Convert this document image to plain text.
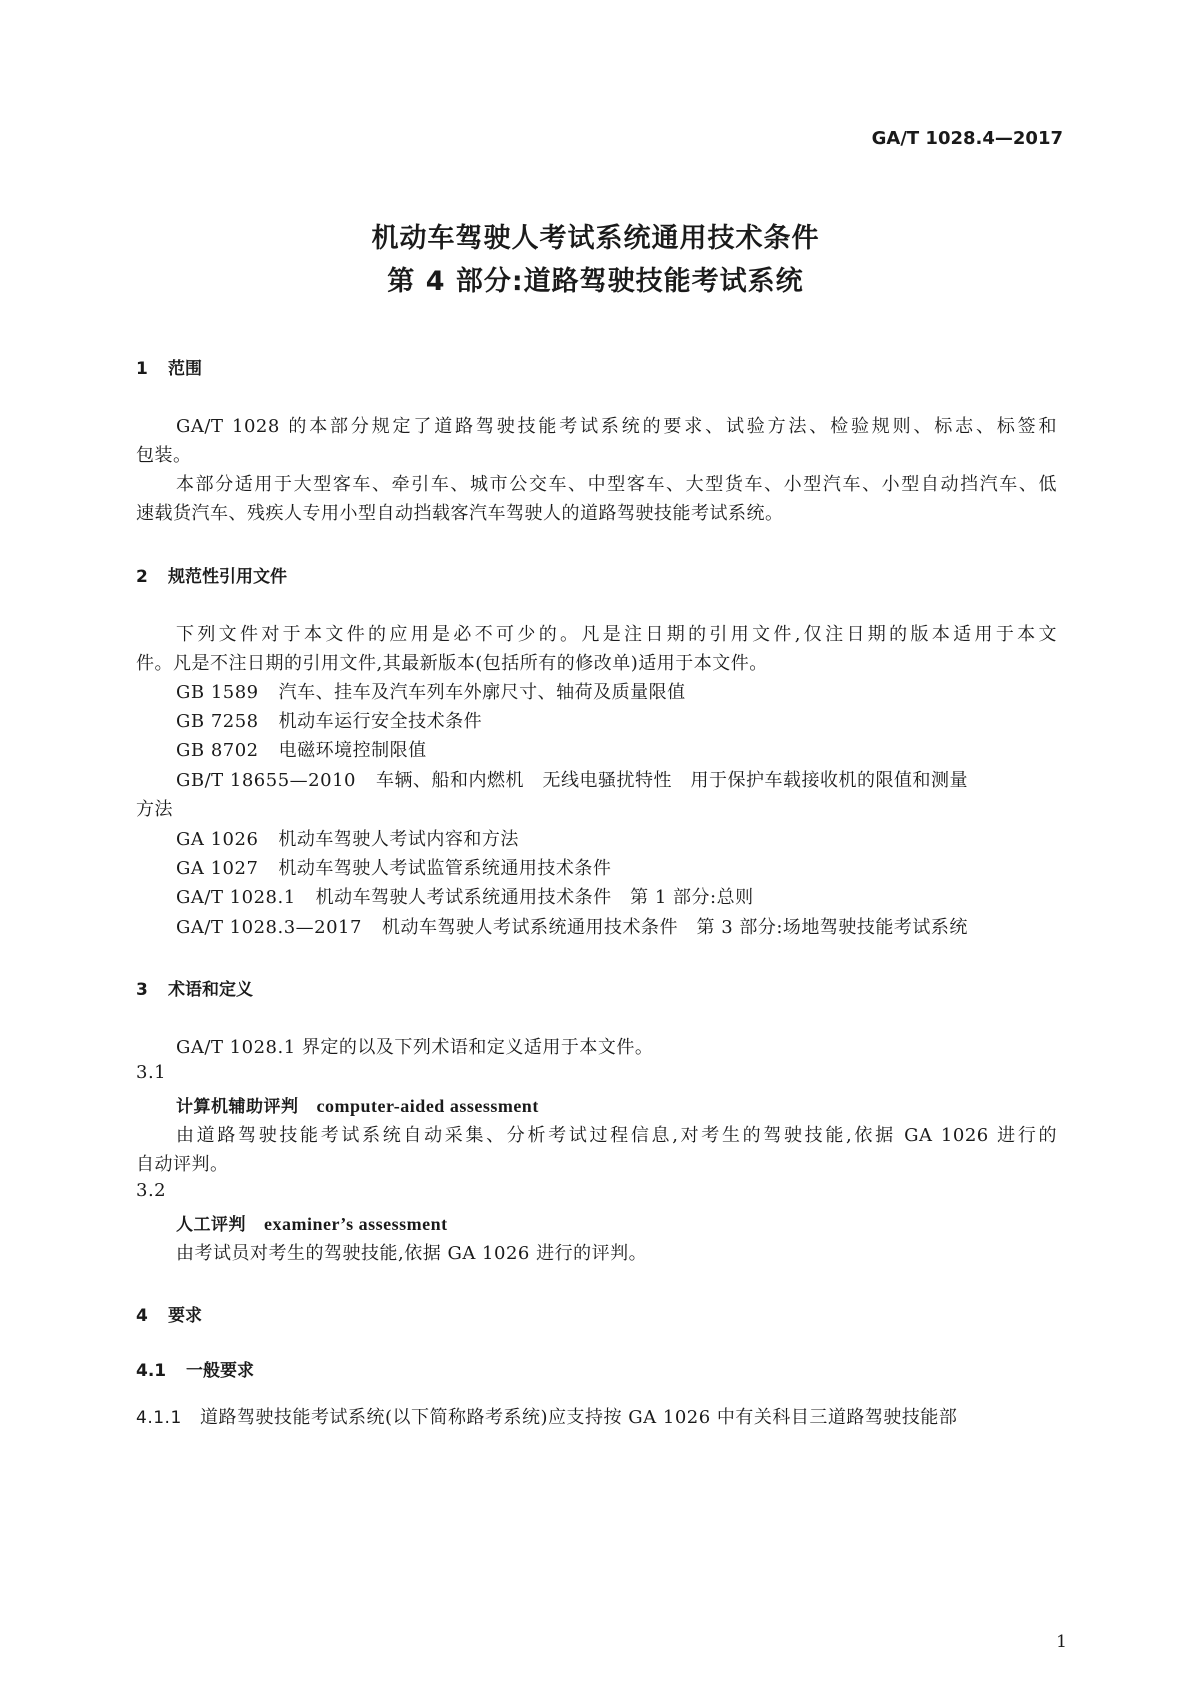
GA/T 1028.4—2017
机动车驾驶人考试系统通用技术条件
第 4 部分:道路驾驶技能考试系统
1 范围
GA/T 1028 的本部分规定了道路驾驶技能考试系统的要求、试验方法、检验规则、标志、标签和
包装。
本部分适用于大型客车、牵引车、城市公交车、中型客车、大型货车、小型汽车、小型自动挡汽车、低
速载货汽车、残疾人专用小型自动挡载客汽车驾驶人的道路驾驶技能考试系统。
2 规范性引用文件
下列文件对于本文件的应用是必不可少的。凡是注日期的引用文件,仅注日期的版本适用于本文
件。凡是不注日期的引用文件,其最新版本(包括所有的修改单)适用于本文件。
GB 1589 汽车、挂车及汽车列车外廓尺寸、轴荷及质量限值
GB 7258 机动车运行安全技术条件
GB 8702 电磁环境控制限值
GB/T 18655—2010 车辆、船和内燃机　无线电骚扰特性　用于保护车载接收机的限值和测量
方法
GA 1026 机动车驾驶人考试内容和方法
GA 1027 机动车驾驶人考试监管系统通用技术条件
GA/T 1028.1 机动车驾驶人考试系统通用技术条件　第 1 部分:总则
GA/T 1028.3—2017 机动车驾驶人考试系统通用技术条件　第 3 部分:场地驾驶技能考试系统
3 术语和定义
GA/T 1028.1 界定的以及下列术语和定义适用于本文件。
3.1
计算机辅助评判 computer-aided assessment
由道路驾驶技能考试系统自动采集、分析考试过程信息,对考生的驾驶技能,依据 GA 1026 进行的
自动评判。
3.2
人工评判 examiner’s assessment
由考试员对考生的驾驶技能,依据 GA 1026 进行的评判。
4 要求
4.1 一般要求
4.1.1 道路驾驶技能考试系统(以下简称路考系统)应支持按 GA 1026 中有关科目三道路驾驶技能部
1
